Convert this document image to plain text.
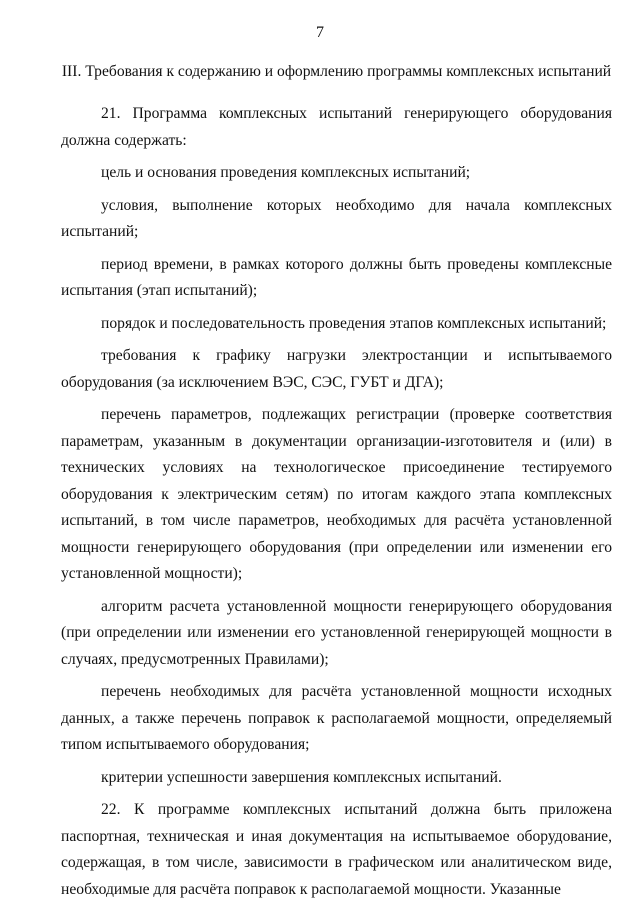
7
III. Требования к содержанию и оформлению программы комплексных испытаний

21. Программа комплексных испытаний генерирующего оборудования должна содержать:

цель и основания проведения комплексных испытаний;

условия, выполнение которых необходимо для начала комплексных испытаний;

период времени, в рамках которого должны быть проведены комплексные испытания (этап испытаний);

порядок и последовательность проведения этапов комплексных испытаний;

требования к графику нагрузки электростанции и испытываемого оборудования (за исключением ВЭС, СЭС, ГУБТ и ДГА);

перечень параметров, подлежащих регистрации (проверке соответствия параметрам, указанным в документации организации-изготовителя и (или) в технических условиях на технологическое присоединение тестируемого оборудования к электрическим сетям) по итогам каждого этапа комплексных испытаний, в том числе параметров, необходимых для расчёта установленной мощности генерирующего оборудования (при определении или изменении его установленной мощности);

алгоритм расчета установленной мощности генерирующего оборудования (при определении или изменении его установленной генерирующей мощности в случаях, предусмотренных Правилами);

перечень необходимых для расчёта установленной мощности исходных данных, а также перечень поправок к располагаемой мощности, определяемый типом испытываемого оборудования;

критерии успешности завершения комплексных испытаний.

22. К программе комплексных испытаний должна быть приложена паспортная, техническая и иная документация на испытываемое оборудование, содержащая, в том числе, зависимости в графическом или аналитическом виде, необходимые для расчёта поправок к располагаемой мощности. Указанные
